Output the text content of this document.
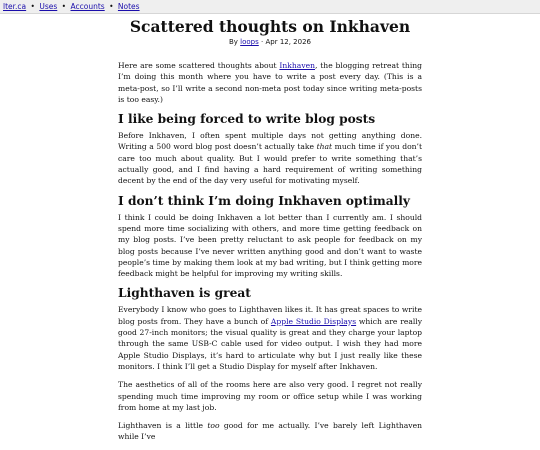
lter.ca • Uses • Accounts • Notes
Scattered thoughts on Inkhaven
By loops · Apr 12, 2026

Here are some scattered thoughts about Inkhaven, the blogging retreat thing I’m doing this month where you have to write a post every day. (This is a meta-post, so I’ll write a second non-meta post today since writing meta-posts is too easy.)

I like being forced to write blog posts

Before Inkhaven, I often spent multiple days not getting anything done. Writing a 500 word blog post doesn’t actually take that much time if you don’t care too much about quality. But I would prefer to write something that’s actually good, and I find having a hard requirement of writing something decent by the end of the day very useful for motivating myself.

I don’t think I’m doing Inkhaven optimally

I think I could be doing Inkhaven a lot better than I currently am. I should spend more time socializing with others, and more time getting feedback on my blog posts. I’ve been pretty reluctant to ask people for feedback on my blog posts because I’ve never written anything good and don’t want to waste people’s time by making them look at my bad writing, but I think getting more feedback might be helpful for improving my writing skills.

Lighthaven is great

Everybody I know who goes to Lighthaven likes it. It has great spaces to write blog posts from. They have a bunch of Apple Studio Displays which are really good 27-inch monitors; the visual quality is great and they charge your laptop through the same USB-C cable used for video output. I wish they had more Apple Studio Displays, it’s hard to articulate why but I just really like these monitors. I think I’ll get a Studio Display for myself after Inkhaven.

The aesthetics of all of the rooms here are also very good. I regret not really spending much time improving my room or office setup while I was working from home at my last job.

Lighthaven is a little too good for me actually. I’ve barely left Lighthaven while I’ve
